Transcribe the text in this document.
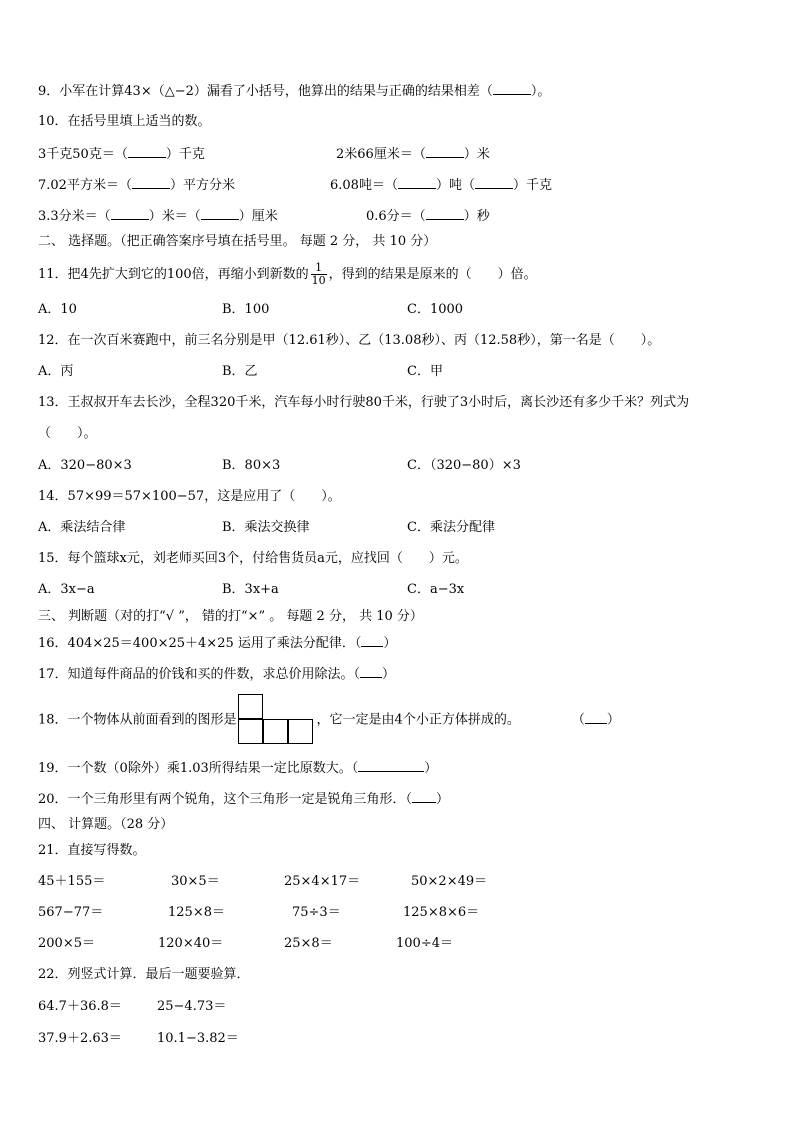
9．小军在计算43×（△−2）漏看了小括号，他算出的结果与正确的结果相差（	）。
10．在括号里填上适当的数。
3千克50克＝（	）千克	2米66厘米＝（	）米
7.02平方米＝（	）平方分米	6.08吨＝（	）吨（	）千克
3.3分米＝（	）米＝（	）厘米	0.6分＝（	）秒
二、 选择题。（把正确答案序号填在括号里。 每题 2 分， 共 10 分）
11．把4先扩大到它的100倍，再缩小到新数的 $\frac{1}{10}$ ，得到的结果是原来的（　　）倍。
A．10	B．100	C．1000
12．在一次百米赛跑中，前三名分别是甲（12.61秒）、乙（13.08秒）、丙（12.58秒），第一名是（　　）。
A．丙	B．乙	C．甲
13．王叔叔开车去长沙，全程320千米，汽车每小时行驶80千米，行驶了3小时后，离长沙还有多少千米？列式为
（　　）。
A．320−80×3	B．80×3	C．（320−80）×3
14．57×99＝57×100−57，这是应用了（　　）。
A．乘法结合律	B．乘法交换律	C．乘法分配律
15．每个篮球x元，刘老师买回3个，付给售货员a元，应找回（　　）元。
A．3x−a	B．3x+a	C．a−3x
三、 判断题（对的打“√ ”， 错的打“×” 。 每题 2 分， 共 10 分）
16．404×25＝400×25＋4×25 运用了乘法分配律．（ ）
17．知道每件商品的价钱和买的件数，求总价用除法。（ ）
18．一个物体从前面看到的图形是	，它一定是由4个小正方体拼成的。	（ ）
19．一个数（0除外）乘1.03所得结果一定比原数大。（	）
20．一个三角形里有两个锐角，这个三角形一定是锐角三角形．（ ）
四、 计算题。（28 分）
21．直接写得数。
45＋155＝	30×5＝	25×4×17＝	50×2×49＝
567−77＝	125×8＝	75÷3＝	125×8×6＝
200×5＝	120×40＝	25×8＝	100÷4＝
22．列竖式计算．最后一题要验算．
64.7＋36.8＝	25−4.73＝
37.9＋2.63＝	10.1−3.82＝
